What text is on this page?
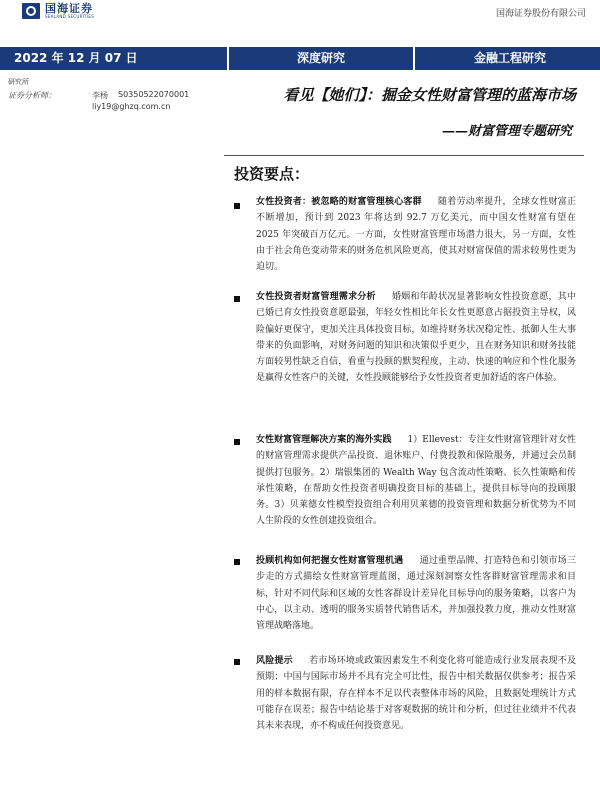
国海证券
SEALAND SECURITIES	国海证券股份有限公司
2022 年 12 月 07 日	深度研究	金融工程研究
研究所
证券分析师：	李杨 S0350522070001
liy19@ghzq.com.cn
看见【她们】：掘金女性财富管理的蓝海市场
——财富管理专题研究
投资要点：
女性投资者：被忽略的财富管理核心客群 随着劳动率提升，全球女性财富正不断增加，预计到 2023 年将达到 92.7 万亿美元，而中国女性财富有望在 2025 年突破百万亿元。一方面，女性财富管理市场潜力很大，另一方面，女性由于社会角色变动带来的财务危机风险更高，使其对财富保值的需求较男性更为迫切。
女性投资者财富管理需求分析 婚姻和年龄状况显著影响女性投资意愿，其中已婚已育女性投资意愿最强，年轻女性相比年长女性更愿意占据投资主导权，风险偏好更保守，更加关注具体投资目标，如维持财务状况稳定性、抵御人生大事带来的负面影响，对财务问题的知识和决策似乎更少，且在财务知识和财务技能方面较男性缺乏自信，看重与投顾的默契程度，主动、快速的响应和个性化服务是赢得女性客户的关键，女性投顾能够给予女性投资者更加舒适的客户体验。
女性财富管理解决方案的海外实践 1）Ellevest：专注女性财富管理针对女性的财富管理需求提供产品投资、退休账户、付费投教和保险服务，并通过会员制提供打包服务。2）瑞银集团的 Wealth Way 包含流动性策略、长久性策略和传承性策略，在帮助女性投资者明确投资目标的基础上，提供目标导向的投顾服务。3）贝莱德女性模型投资组合利用贝莱德的投资管理和数据分析优势为不同人生阶段的女性创建投资组合。
投顾机构如何把握女性财富管理机遇 通过重塑品牌、打造特色和引领市场三步走的方式描绘女性财富管理蓝图，通过深刻洞察女性客群财富管理需求和目标，针对不同代际和区域的女性客群设计差异化目标导向的服务策略，以客户为中心，以主动、透明的服务实质替代销售话术，并加强投教力度，推动女性财富管理战略落地。
风险提示 若市场环境或政策因素发生不利变化将可能造成行业发展表现不及预期；中国与国际市场并不具有完全可比性，报告中相关数据仅供参考；报告采用的样本数据有限，存在样本不足以代表整体市场的风险，且数据处理统计方式可能存在误差；报告中结论基于对客观数据的统计和分析，但过往业绩并不代表其未来表现，亦不构成任何投资意见。
